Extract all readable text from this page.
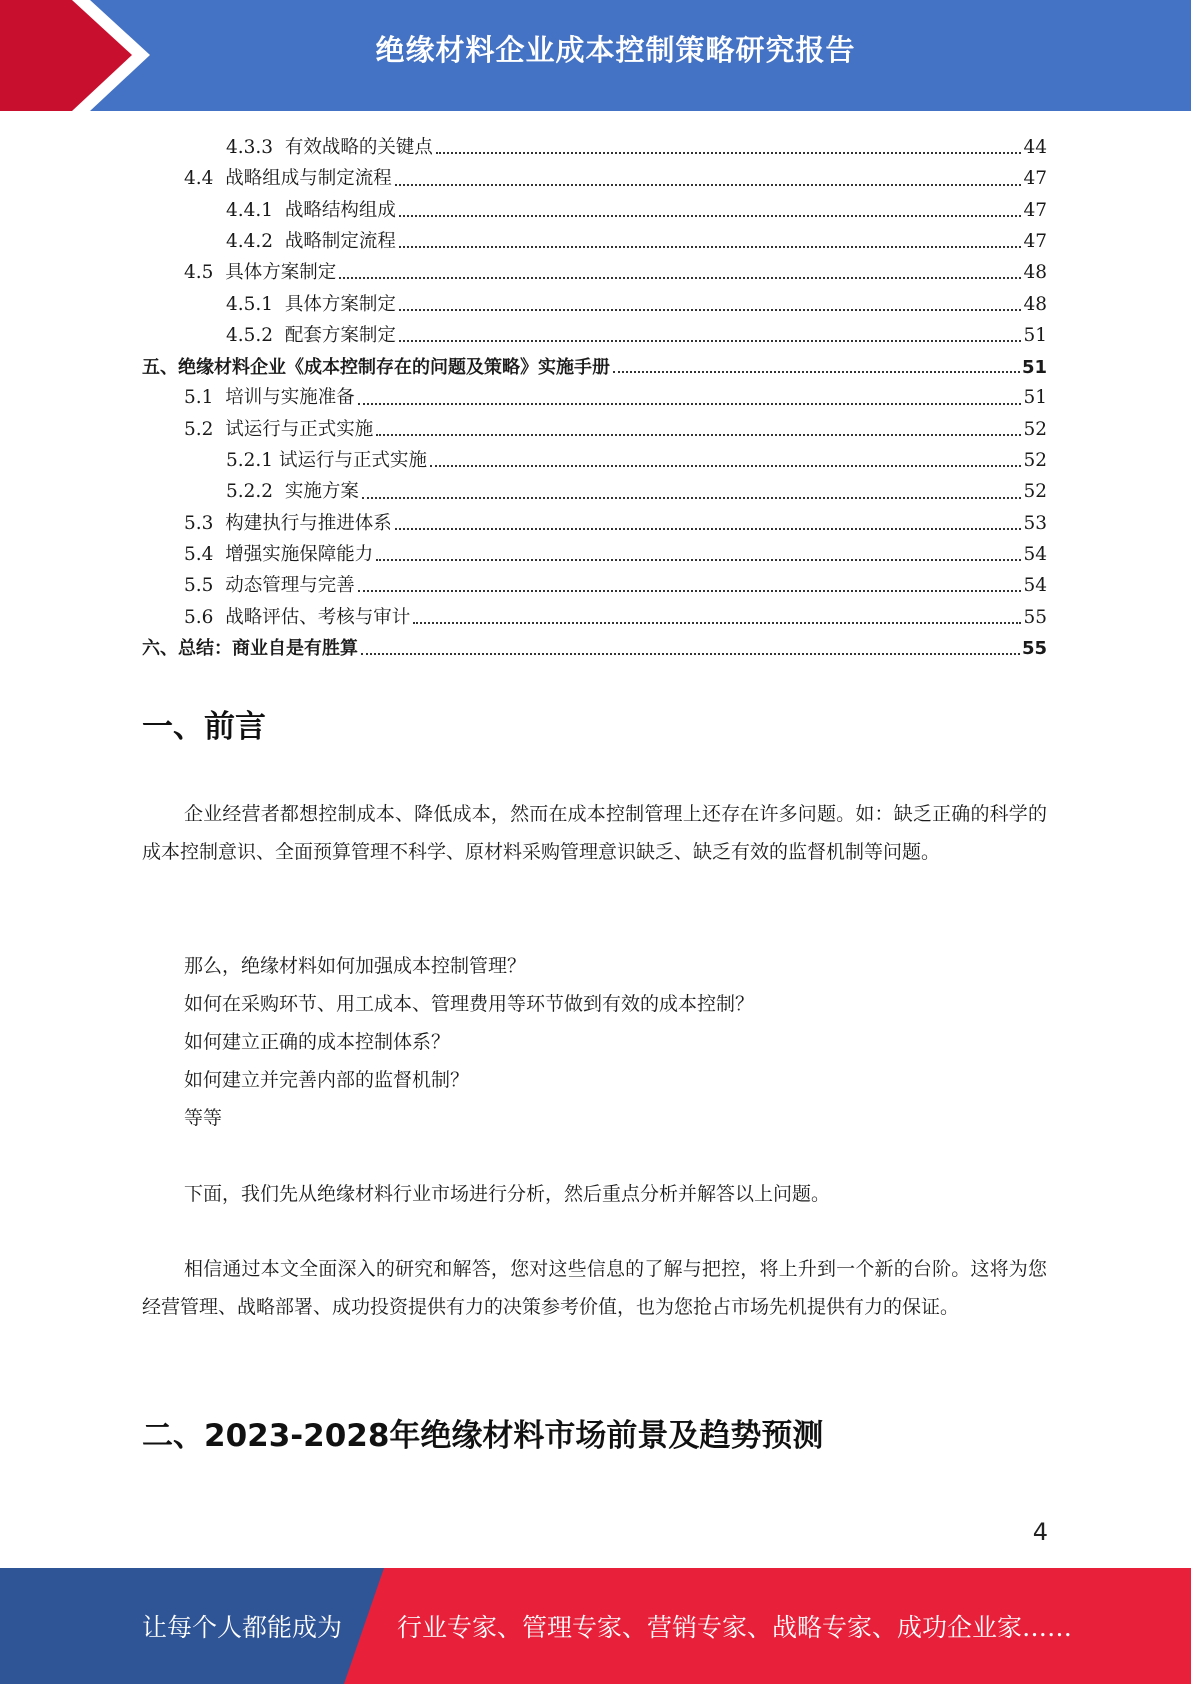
绝缘材料企业成本控制策略研究报告
4.3.3 有效战略的关键点	44
4.4 战略组成与制定流程	47
4.4.1 战略结构组成	47
4.4.2 战略制定流程	47
4.5 具体方案制定	48
4.5.1 具体方案制定	48
4.5.2 配套方案制定	51
五、绝缘材料企业《成本控制存在的问题及策略》实施手册	51
5.1 培训与实施准备	51
5.2 试运行与正式实施	52
5.2.1 试运行与正式实施	52
5.2.2 实施方案	52
5.3 构建执行与推进体系	53
5.4 增强实施保障能力	54
5.5 动态管理与完善	54
5.6 战略评估、考核与审计	55
六、总结：商业自是有胜算	55
一、前言

企业经营者都想控制成本、降低成本，然而在成本控制管理上还存在许多问题。如：缺乏正确的科学的成本控制意识、全面预算管理不科学、原材料采购管理意识缺乏、缺乏有效的监督机制等问题。

那么，绝缘材料如何加强成本控制管理？
如何在采购环节、用工成本、管理费用等环节做到有效的成本控制？
如何建立正确的成本控制体系？
如何建立并完善内部的监督机制？
等等

下面，我们先从绝缘材料行业市场进行分析，然后重点分析并解答以上问题。

相信通过本文全面深入的研究和解答，您对这些信息的了解与把控，将上升到一个新的台阶。这将为您经营管理、战略部署、成功投资提供有力的决策参考价值，也为您抢占市场先机提供有力的保证。

二、2023-2028年绝缘材料市场前景及趋势预测
4
让每个人都能成为 行业专家、管理专家、营销专家、战略专家、成功企业家……
